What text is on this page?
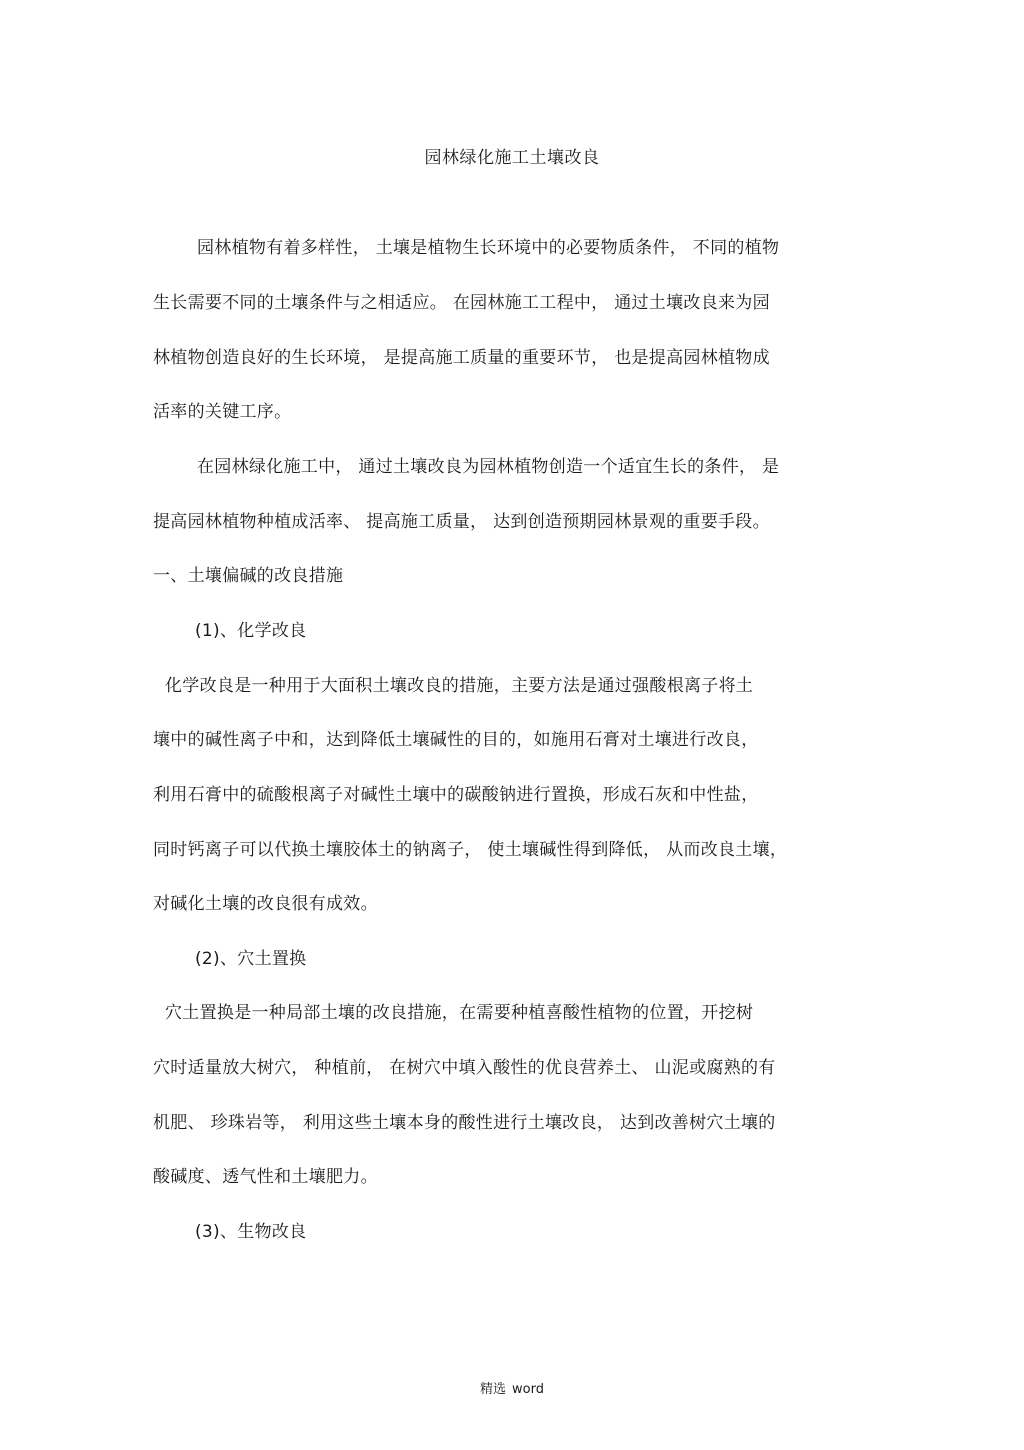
园林绿化施工土壤改良
园林植物有着多样性， 土壤是植物生长环境中的必要物质条件， 不同的植物
生长需要不同的土壤条件与之相适应。 在园林施工工程中， 通过土壤改良来为园
林植物创造良好的生长环境， 是提高施工质量的重要环节， 也是提高园林植物成
活率的关键工序。
在园林绿化施工中， 通过土壤改良为园林植物创造一个适宜生长的条件， 是
提高园林植物种植成活率、 提高施工质量， 达到创造预期园林景观的重要手段。
一、土壤偏碱的改良措施
(1)、化学改良
化学改良是一种用于大面积土壤改良的措施，主要方法是通过强酸根离子将土
壤中的碱性离子中和，达到降低土壤碱性的目的，如施用石膏对土壤进行改良，
利用石膏中的硫酸根离子对碱性土壤中的碳酸钠进行置换，形成石灰和中性盐，
同时钙离子可以代换土壤胶体土的钠离子， 使土壤碱性得到降低， 从而改良土壤，
对碱化土壤的改良很有成效。
(2)、穴土置换
穴土置换是一种局部土壤的改良措施，在需要种植喜酸性植物的位置，开挖树
穴时适量放大树穴， 种植前， 在树穴中填入酸性的优良营养土、 山泥或腐熟的有
机肥、 珍珠岩等， 利用这些土壤本身的酸性进行土壤改良， 达到改善树穴土壤的
酸碱度、透气性和土壤肥力。
(3)、生物改良
精选 word
